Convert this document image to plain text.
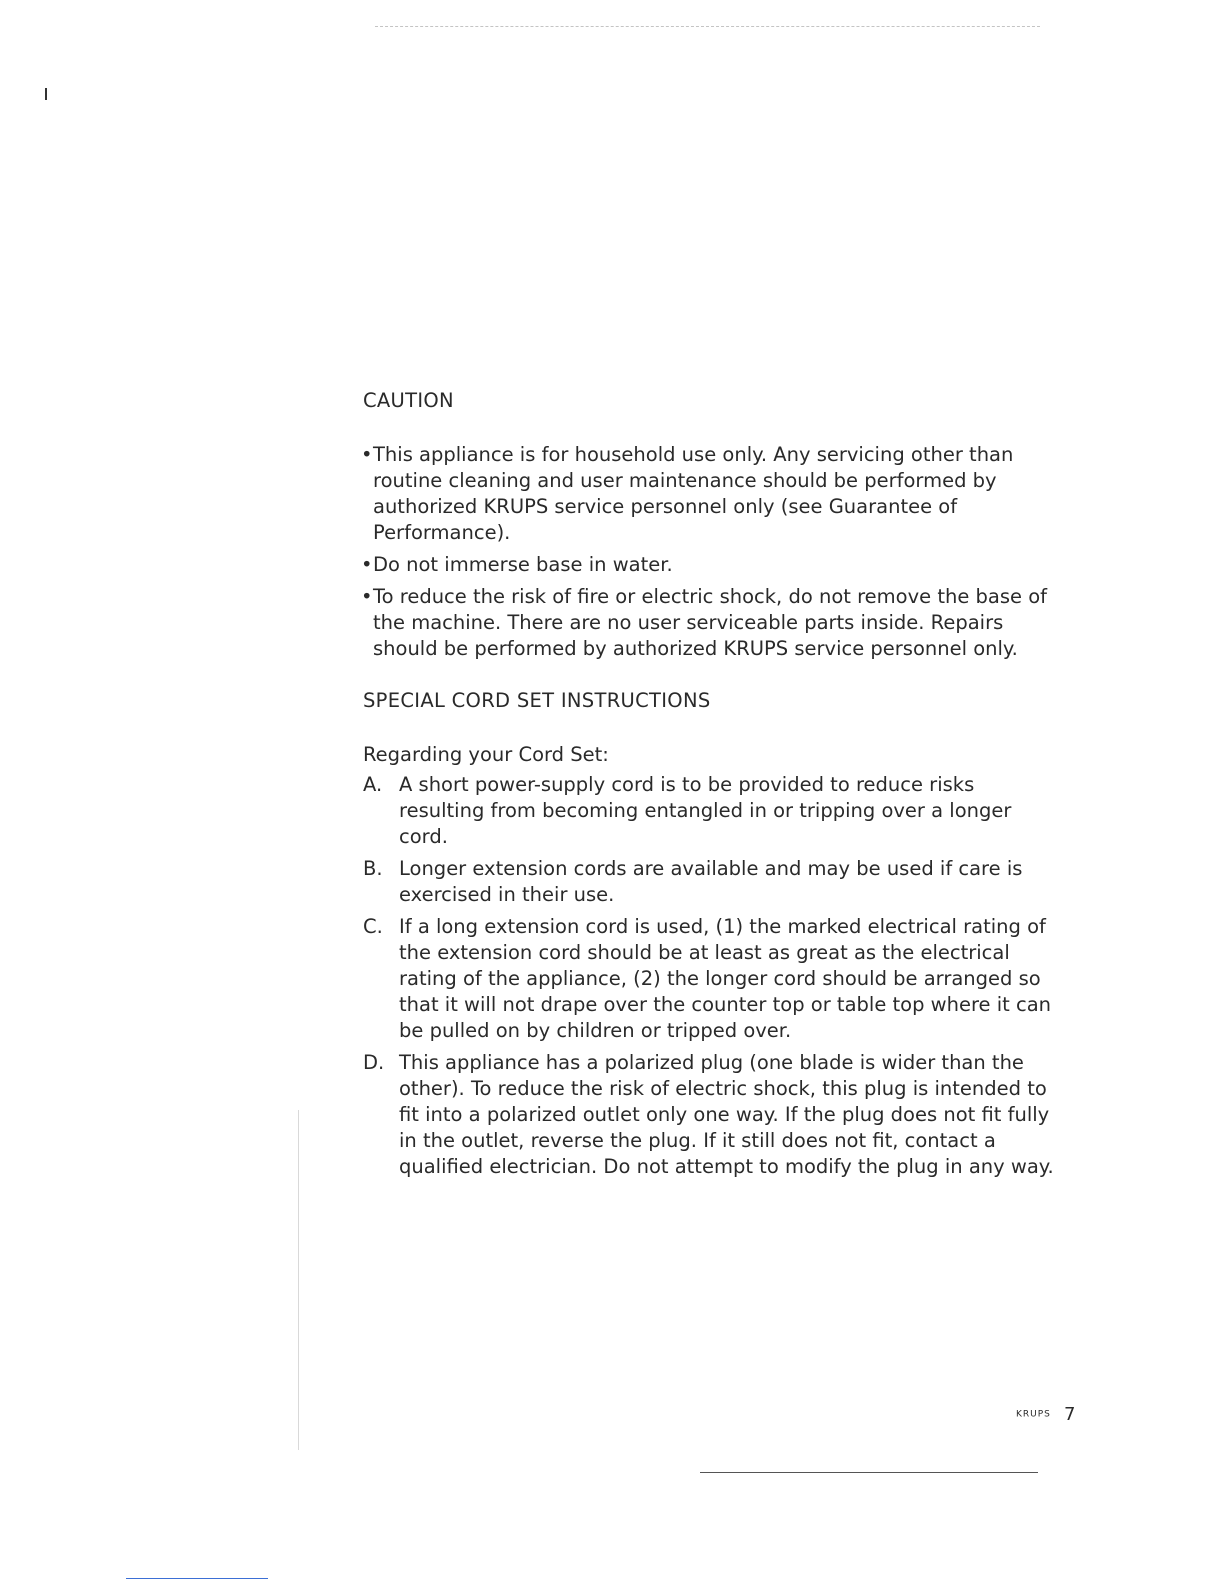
CAUTION
• This appliance is for household use only. Any servicing other than routine cleaning and user maintenance should be performed by authorized KRUPS service personnel only (see Guarantee of Performance).
• Do not immerse base in water.
• To reduce the risk of fire or electric shock, do not remove the base of the machine. There are no user serviceable parts inside. Repairs should be performed by authorized KRUPS service personnel only.
SPECIAL CORD SET INSTRUCTIONS
Regarding your Cord Set:
A. A short power-supply cord is to be provided to reduce risks resulting from becoming entangled in or tripping over a longer cord.
B. Longer extension cords are available and may be used if care is exercised in their use.
C. If a long extension cord is used, (1) the marked electrical rating of the extension cord should be at least as great as the electrical rating of the appliance, (2) the longer cord should be arranged so that it will not drape over the counter top or table top where it can be pulled on by children or tripped over.
D. This appliance has a polarized plug (one blade is wider than the other). To reduce the risk of electric shock, this plug is intended to fit into a polarized outlet only one way. If the plug does not fit fully in the outlet, reverse the plug. If it still does not fit, contact a qualified electrician. Do not attempt to modify the plug in any way.
KRUPS 7
